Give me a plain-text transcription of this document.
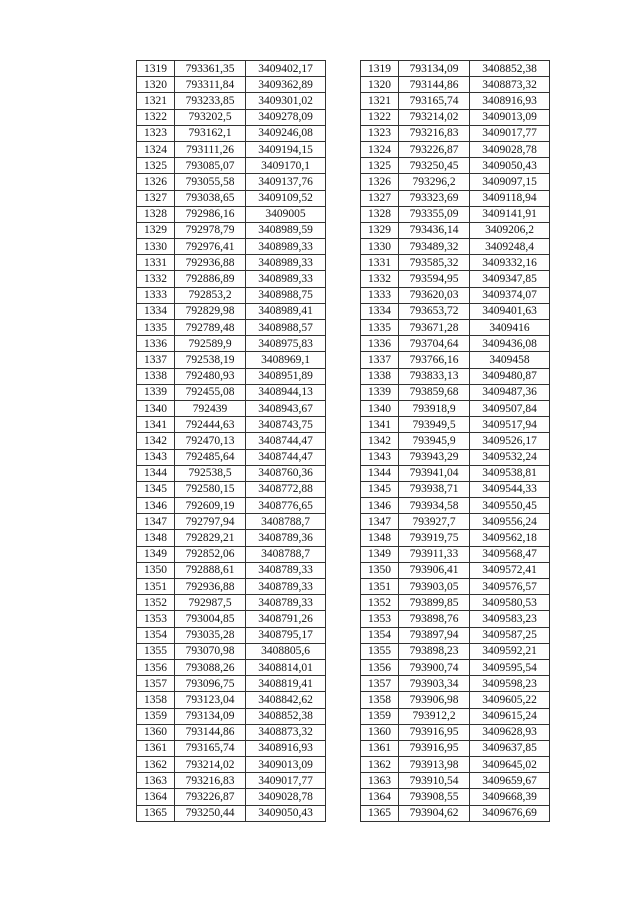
1319	793361,35	3409402,17
1320	793311,84	3409362,89
1321	793233,85	3409301,02
1322	793202,5	3409278,09
1323	793162,1	3409246,08
1324	793111,26	3409194,15
1325	793085,07	3409170,1
1326	793055,58	3409137,76
1327	793038,65	3409109,52
1328	792986,16	3409005
1329	792978,79	3408989,59
1330	792976,41	3408989,33
1331	792936,88	3408989,33
1332	792886,89	3408989,33
1333	792853,2	3408988,75
1334	792829,98	3408989,41
1335	792789,48	3408988,57
1336	792589,9	3408975,83
1337	792538,19	3408969,1
1338	792480,93	3408951,89
1339	792455,08	3408944,13
1340	792439	3408943,67
1341	792444,63	3408743,75
1342	792470,13	3408744,47
1343	792485,64	3408744,47
1344	792538,5	3408760,36
1345	792580,15	3408772,88
1346	792609,19	3408776,65
1347	792797,94	3408788,7
1348	792829,21	3408789,36
1349	792852,06	3408788,7
1350	792888,61	3408789,33
1351	792936,88	3408789,33
1352	792987,5	3408789,33
1353	793004,85	3408791,26
1354	793035,28	3408795,17
1355	793070,98	3408805,6
1356	793088,26	3408814,01
1357	793096,75	3408819,41
1358	793123,04	3408842,62
1359	793134,09	3408852,38
1360	793144,86	3408873,32
1361	793165,74	3408916,93
1362	793214,02	3409013,09
1363	793216,83	3409017,77
1364	793226,87	3409028,78
1365	793250,44	3409050,43
1319	793134,09	3408852,38
1320	793144,86	3408873,32
1321	793165,74	3408916,93
1322	793214,02	3409013,09
1323	793216,83	3409017,77
1324	793226,87	3409028,78
1325	793250,45	3409050,43
1326	793296,2	3409097,15
1327	793323,69	3409118,94
1328	793355,09	3409141,91
1329	793436,14	3409206,2
1330	793489,32	3409248,4
1331	793585,32	3409332,16
1332	793594,95	3409347,85
1333	793620,03	3409374,07
1334	793653,72	3409401,63
1335	793671,28	3409416
1336	793704,64	3409436,08
1337	793766,16	3409458
1338	793833,13	3409480,87
1339	793859,68	3409487,36
1340	793918,9	3409507,84
1341	793949,5	3409517,94
1342	793945,9	3409526,17
1343	793943,29	3409532,24
1344	793941,04	3409538,81
1345	793938,71	3409544,33
1346	793934,58	3409550,45
1347	793927,7	3409556,24
1348	793919,75	3409562,18
1349	793911,33	3409568,47
1350	793906,41	3409572,41
1351	793903,05	3409576,57
1352	793899,85	3409580,53
1353	793898,76	3409583,23
1354	793897,94	3409587,25
1355	793898,23	3409592,21
1356	793900,74	3409595,54
1357	793903,34	3409598,23
1358	793906,98	3409605,22
1359	793912,2	3409615,24
1360	793916,95	3409628,93
1361	793916,95	3409637,85
1362	793913,98	3409645,02
1363	793910,54	3409659,67
1364	793908,55	3409668,39
1365	793904,62	3409676,69
